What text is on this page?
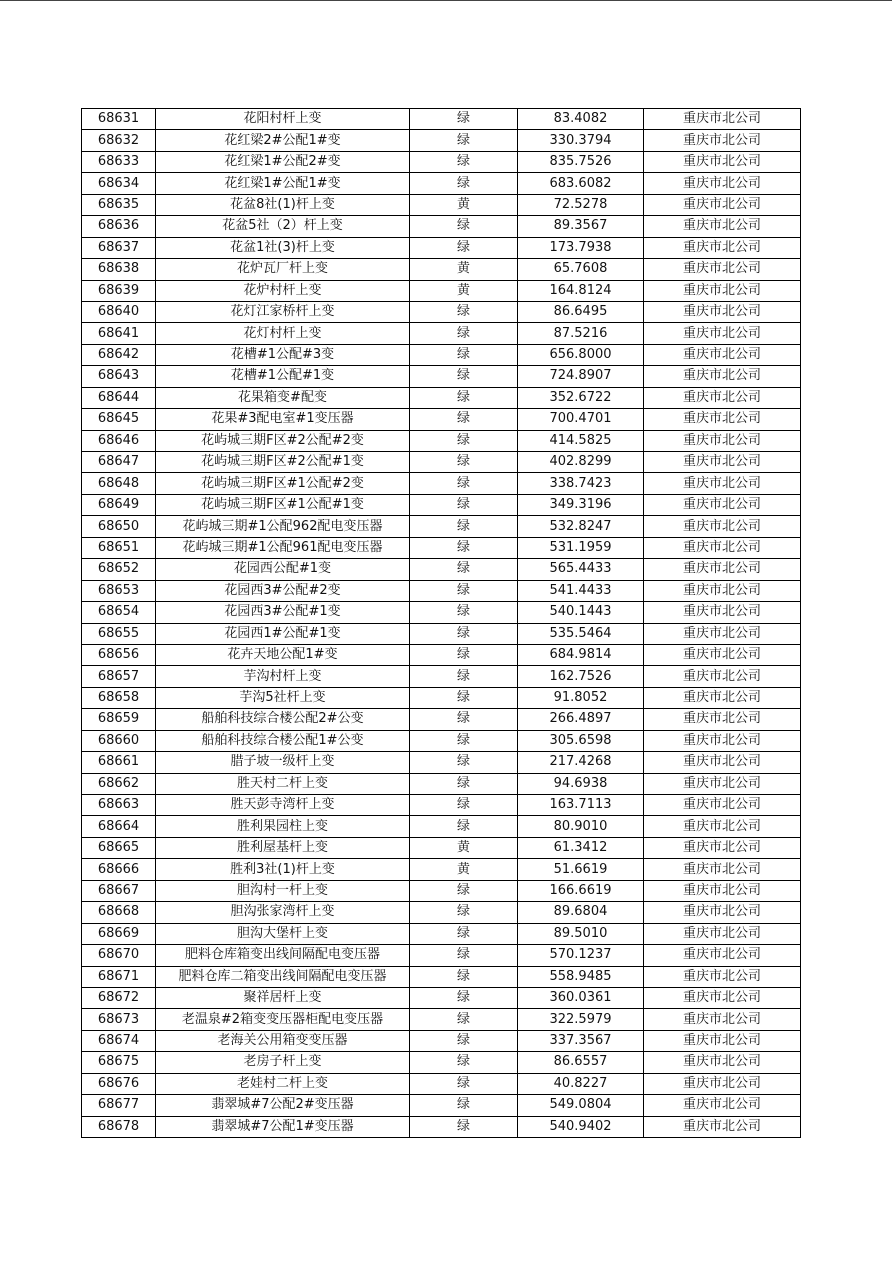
68631	花阳村杆上变	绿	83.4082	重庆市北公司
68632	花红梁2#公配1#变	绿	330.3794	重庆市北公司
68633	花红梁1#公配2#变	绿	835.7526	重庆市北公司
68634	花红梁1#公配1#变	绿	683.6082	重庆市北公司
68635	花盆8社(1)杆上变	黄	72.5278	重庆市北公司
68636	花盆5社（2）杆上变	绿	89.3567	重庆市北公司
68637	花盆1社(3)杆上变	绿	173.7938	重庆市北公司
68638	花炉瓦厂杆上变	黄	65.7608	重庆市北公司
68639	花炉村杆上变	黄	164.8124	重庆市北公司
68640	花灯江家桥杆上变	绿	86.6495	重庆市北公司
68641	花灯村杆上变	绿	87.5216	重庆市北公司
68642	花槽#1公配#3变	绿	656.8000	重庆市北公司
68643	花槽#1公配#1变	绿	724.8907	重庆市北公司
68644	花果箱变#配变	绿	352.6722	重庆市北公司
68645	花果#3配电室#1变压器	绿	700.4701	重庆市北公司
68646	花屿城三期F区#2公配#2变	绿	414.5825	重庆市北公司
68647	花屿城三期F区#2公配#1变	绿	402.8299	重庆市北公司
68648	花屿城三期F区#1公配#2变	绿	338.7423	重庆市北公司
68649	花屿城三期F区#1公配#1变	绿	349.3196	重庆市北公司
68650	花屿城三期#1公配962配电变压器	绿	532.8247	重庆市北公司
68651	花屿城三期#1公配961配电变压器	绿	531.1959	重庆市北公司
68652	花园西公配#1变	绿	565.4433	重庆市北公司
68653	花园西3#公配#2变	绿	541.4433	重庆市北公司
68654	花园西3#公配#1变	绿	540.1443	重庆市北公司
68655	花园西1#公配#1变	绿	535.5464	重庆市北公司
68656	花卉天地公配1#变	绿	684.9814	重庆市北公司
68657	芋沟村杆上变	绿	162.7526	重庆市北公司
68658	芋沟5社杆上变	绿	91.8052	重庆市北公司
68659	船舶科技综合楼公配2#公变	绿	266.4897	重庆市北公司
68660	船舶科技综合楼公配1#公变	绿	305.6598	重庆市北公司
68661	腊子坡一级杆上变	绿	217.4268	重庆市北公司
68662	胜天村二杆上变	绿	94.6938	重庆市北公司
68663	胜天彭寺湾杆上变	绿	163.7113	重庆市北公司
68664	胜利果园柱上变	绿	80.9010	重庆市北公司
68665	胜利屋基杆上变	黄	61.3412	重庆市北公司
68666	胜利3社(1)杆上变	黄	51.6619	重庆市北公司
68667	胆沟村一杆上变	绿	166.6619	重庆市北公司
68668	胆沟张家湾杆上变	绿	89.6804	重庆市北公司
68669	胆沟大堡杆上变	绿	89.5010	重庆市北公司
68670	肥料仓库箱变出线间隔配电变压器	绿	570.1237	重庆市北公司
68671	肥料仓库二箱变出线间隔配电变压器	绿	558.9485	重庆市北公司
68672	聚祥居杆上变	绿	360.0361	重庆市北公司
68673	老温泉#2箱变变压器柜配电变压器	绿	322.5979	重庆市北公司
68674	老海关公用箱变变压器	绿	337.3567	重庆市北公司
68675	老房子杆上变	绿	86.6557	重庆市北公司
68676	老娃村二杆上变	绿	40.8227	重庆市北公司
68677	翡翠城#7公配2#变压器	绿	549.0804	重庆市北公司
68678	翡翠城#7公配1#变压器	绿	540.9402	重庆市北公司
